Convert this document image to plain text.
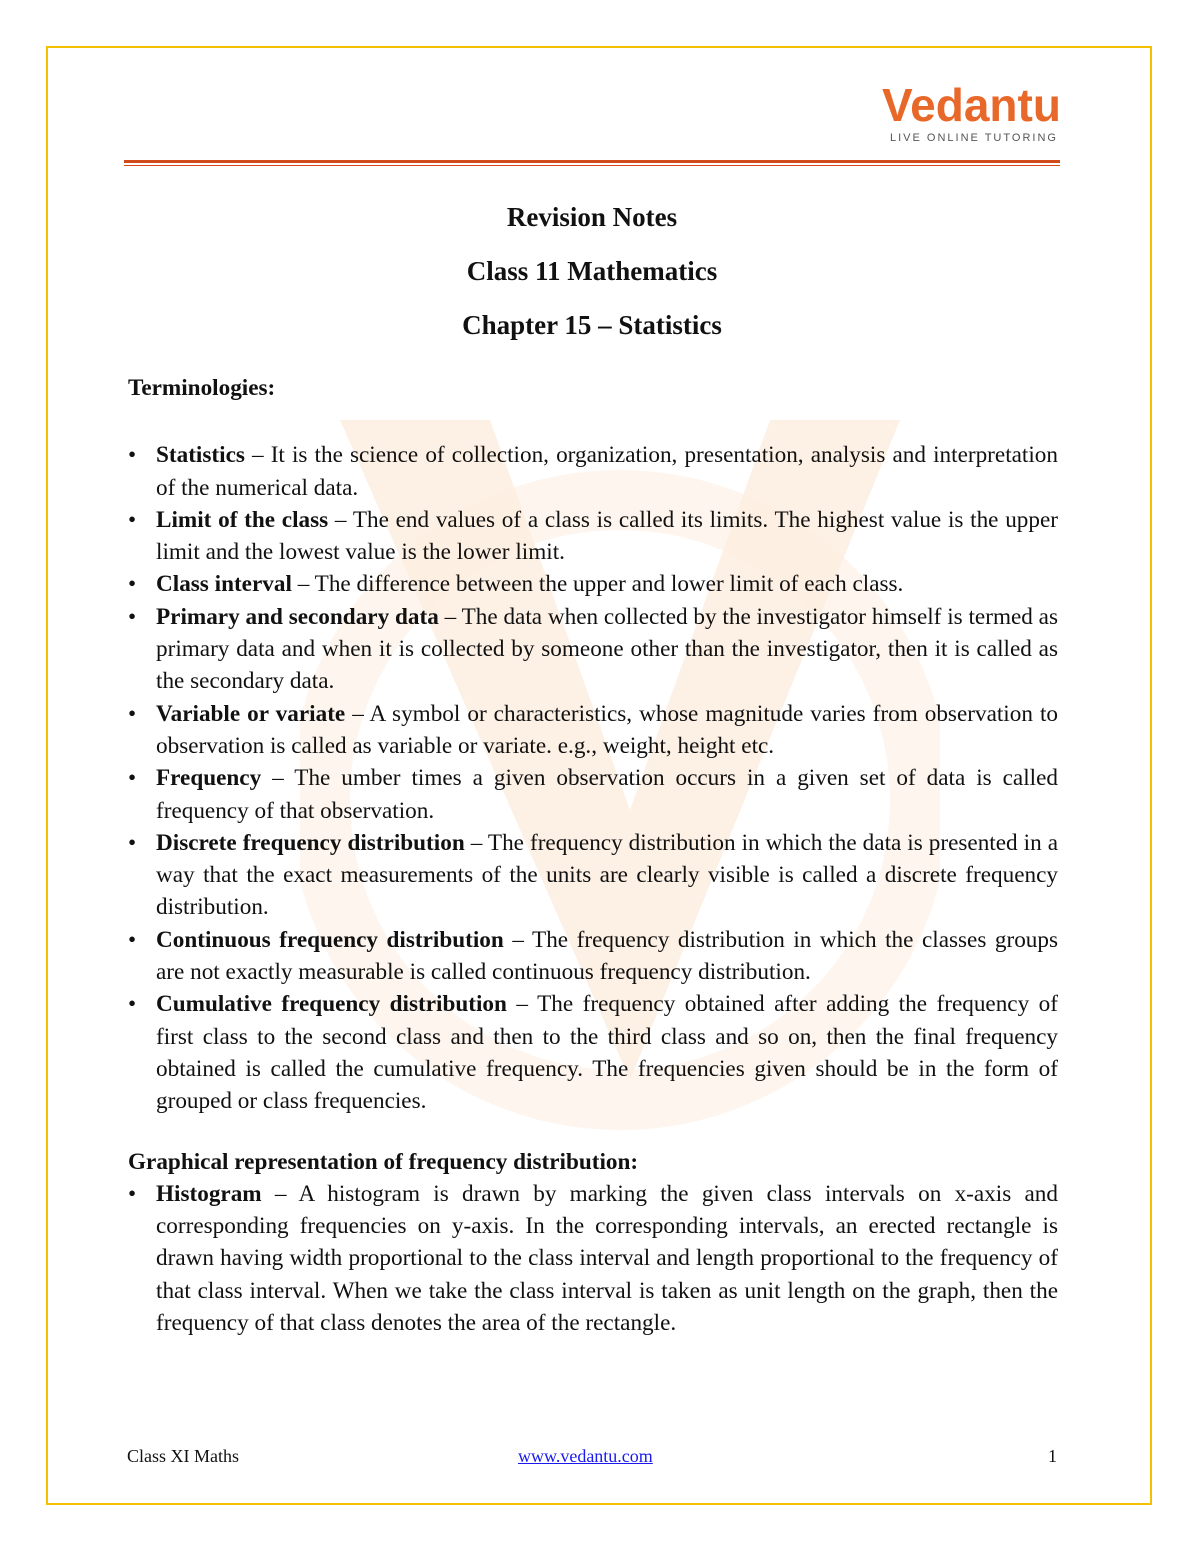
Vedantu
LIVE ONLINE TUTORING
Revision Notes
Class 11 Mathematics
Chapter 15 – Statistics

Terminologies:

• Statistics – It is the science of collection, organization, presentation, analysis and interpretation of the numerical data.
• Limit of the class – The end values of a class is called its limits. The highest value is the upper limit and the lowest value is the lower limit.
• Class interval – The difference between the upper and lower limit of each class.
• Primary and secondary data – The data when collected by the investigator himself is termed as primary data and when it is collected by someone other than the investigator, then it is called as the secondary data.
• Variable or variate – A symbol or characteristics, whose magnitude varies from observation to observation is called as variable or variate. e.g., weight, height etc.
• Frequency – The umber times a given observation occurs in a given set of data is called frequency of that observation.
• Discrete frequency distribution – The frequency distribution in which the data is presented in a way that the exact measurements of the units are clearly visible is called a discrete frequency distribution.
• Continuous frequency distribution – The frequency distribution in which the classes groups are not exactly measurable is called continuous frequency distribution.
• Cumulative frequency distribution – The frequency obtained after adding the frequency of first class to the second class and then to the third class and so on, then the final frequency obtained is called the cumulative frequency. The frequencies given should be in the form of grouped or class frequencies.

Graphical representation of frequency distribution:

• Histogram – A histogram is drawn by marking the given class intervals on x-axis and corresponding frequencies on y-axis. In the corresponding intervals, an erected rectangle is drawn having width proportional to the class interval and length proportional to the frequency of that class interval. When we take the class interval is taken as unit length on the graph, then the frequency of that class denotes the area of the rectangle.
Class XI Maths	www.vedantu.com	1
